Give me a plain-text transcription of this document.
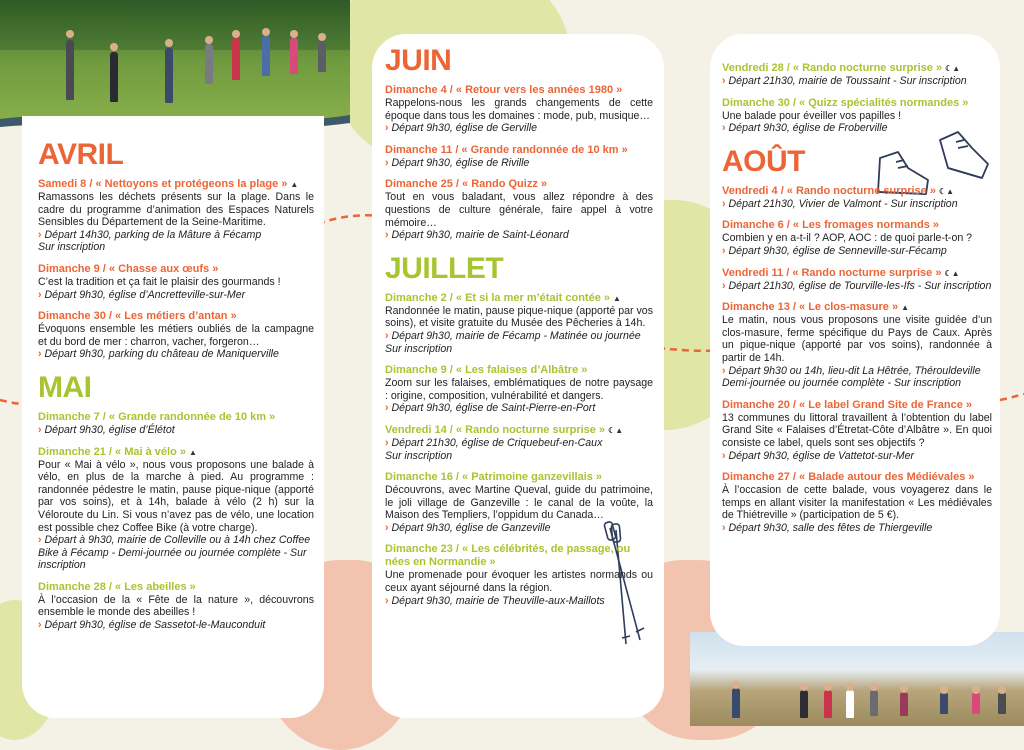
AVRIL
Samedi 8 / « Nettoyons et protégeons la plage » ▲
Ramassons les déchets présents sur la plage. Dans le cadre du programme d’animation des Espaces Naturels Sensibles du Département de la Seine-Maritime.
› Départ 14h30, parking de la Mâture à Fécamp
Sur inscription
Dimanche 9 / « Chasse aux œufs »
C’est la tradition et ça fait le plaisir des gourmands !
› Départ 9h30, église d’Ancretteville-sur-Mer
Dimanche 30 / « Les métiers d’antan »
Évoquons ensemble les métiers oubliés de la campagne et du bord de mer : charron, vacher, forgeron…
› Départ 9h30, parking du château de Maniquerville
MAI
Dimanche 7 / « Grande randonnée de 10 km »
› Départ 9h30, église d’Élétot
Dimanche 21 / « Mai à vélo » ▲
Pour « Mai à vélo », nous vous proposons une balade à vélo, en plus de la marche à pied. Au programme : randonnée pédestre le matin, pause pique-nique (apporté par vos soins), et à 14h, balade à vélo (2 h) sur la Véloroute du Lin. Si vous n’avez pas de vélo, une location est possible chez Coffee Bike (à votre charge).
› Départ à 9h30, mairie de Colleville ou à 14h chez Coffee Bike à Fécamp - Demi-journée ou journée complète - Sur inscription
Dimanche 28 / « Les abeilles »
À l’occasion de la « Fête de la nature », découvrons ensemble le monde des abeilles !
› Départ 9h30, église de Sassetot-le-Mauconduit
JUIN
Dimanche 4 / « Retour vers les années 1980 »
Rappelons-nous les grands changements de cette époque dans tous les domaines : mode, pub, musique…
› Départ 9h30, église de Gerville
Dimanche 11 / « Grande randonnée de 10 km »
› Départ 9h30, église de Riville
Dimanche 25 / « Rando Quizz »
Tout en vous baladant, vous allez répondre à des questions de culture générale, faire appel à votre mémoire…
› Départ 9h30, mairie de Saint-Léonard
JUILLET
Dimanche 2 / « Et si la mer m’était contée » ▲
Randonnée le matin, pause pique-nique (apporté par vos soins), et visite gratuite du Musée des Pêcheries à 14h.
› Départ 9h30, mairie de Fécamp - Matinée ou journée
Sur inscription
Dimanche 9 / « Les falaises d’Albâtre »
Zoom sur les falaises, emblématiques de notre paysage : origine, composition, vulnérabilité et dangers.
› Départ 9h30, église de Saint-Pierre-en-Port
Vendredi 14 / « Rando nocturne surprise » ☾▲
› Départ 21h30, église de Criquebeuf-en-Caux
Sur inscription
Dimanche 16 / « Patrimoine ganzevillais »
Découvrons, avec Martine Queval, guide du patrimoine, le joli village de Ganzeville : le canal de la voûte, la Maison des Templiers, l’oppidum du Canada…
› Départ 9h30, église de Ganzeville
Dimanche 23 / « Les célébrités, de passage, ou nées en Normandie »
Une promenade pour évoquer les artistes normands ou ceux ayant séjourné dans la région.
› Départ 9h30, mairie de Theuville-aux-Maillots
Vendredi 28 / « Rando nocturne surprise » ☾▲
› Départ 21h30, mairie de Toussaint - Sur inscription
Dimanche 30 / « Quizz spécialités normandes »
Une balade pour éveiller vos papilles !
› Départ 9h30, église de Froberville
AOÛT
Vendredi 4 / « Rando nocturne surprise » ☾▲
› Départ 21h30, Vivier de Valmont - Sur inscription
Dimanche 6 / « Les fromages normands »
Combien y en a-t-il ? AOP, AOC : de quoi parle-t-on ?
› Départ 9h30, église de Senneville-sur-Fécamp
Vendredi 11 / « Rando nocturne surprise » ☾▲
› Départ 21h30, église de Tourville-les-Ifs - Sur inscription
Dimanche 13 / « Le clos-masure » ▲
Le matin, nous vous proposons une visite guidée d’un clos-masure, ferme spécifique du Pays de Caux. Après un pique-nique (apporté par vos soins), randonnée à partir de 14h.
› Départ 9h30 ou 14h, lieu-dit La Hêtrée, Thérouldeville Demi-journée ou journée complète - Sur inscription
Dimanche 20 / « Le label Grand Site de France »
13 communes du littoral travaillent à l’obtention du label Grand Site « Falaises d’Étretat-Côte d’Albâtre ». En quoi consiste ce label, quels sont ses objectifs ?
› Départ 9h30, église de Vattetot-sur-Mer
Dimanche 27 / « Balade autour des Médiévales »
À l’occasion de cette balade, vous voyagerez dans le temps en allant visiter la manifestation « Les médiévales de Thiétreville » (participation de 5 €).
› Départ 9h30, salle des fêtes de Thiergeville
